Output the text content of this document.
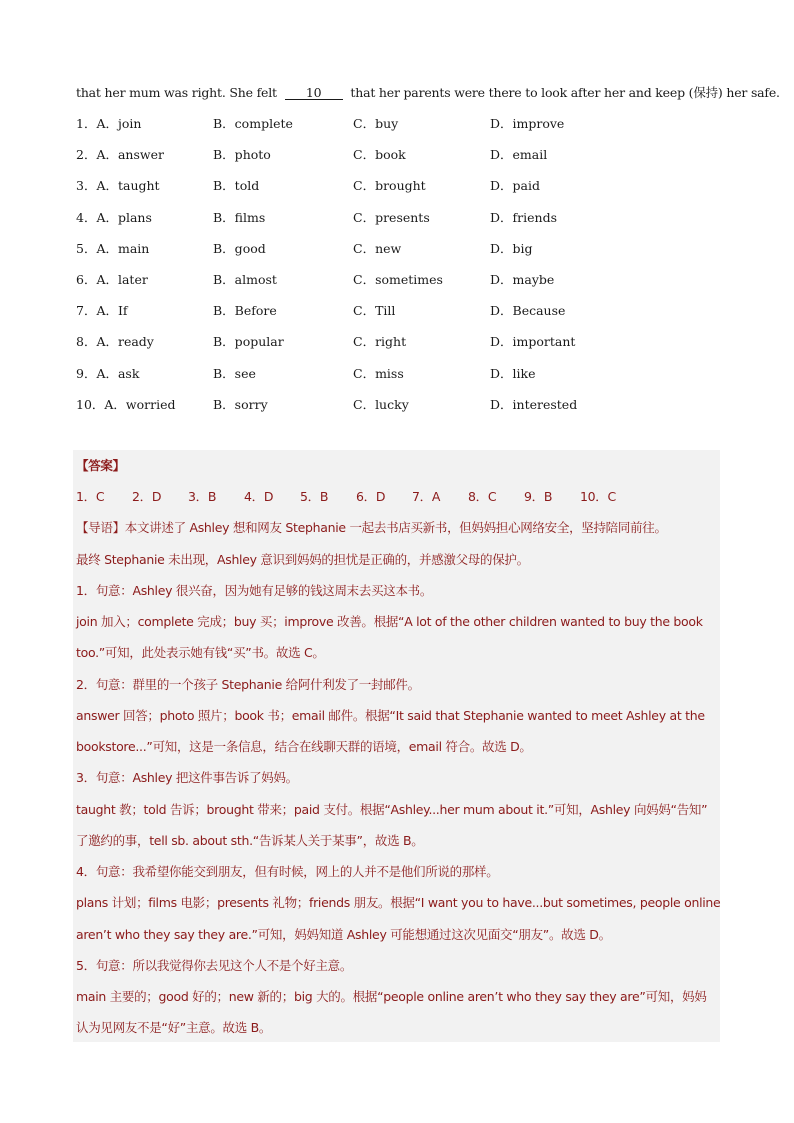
that her mum was right. She felt 10 that her parents were there to look after her and keep (保持) her safe.
1．A．join	B．complete	C．buy	D．improve
2．A．answer	B．photo	C．book	D．email
3．A．taught	B．told	C．brought	D．paid
4．A．plans	B．films	C．presents	D．friends
5．A．main	B．good	C．new	D．big
6．A．later	B．almost	C．sometimes	D．maybe
7．A．If	B．Before	C．Till	D．Because
8．A．ready	B．popular	C．right	D．important
9．A．ask	B．see	C．miss	D．like
10．A．worried	B．sorry	C．lucky	D．interested
【答案】
1．C 2．D 3．B 4．D 5．B 6．D 7．A 8．C 9．B 10．C
【导语】本文讲述了 Ashley 想和网友 Stephanie 一起去书店买新书，但妈妈担心网络安全，坚持陪同前往。
最终 Stephanie 未出现，Ashley 意识到妈妈的担忧是正确的，并感激父母的保护。
1．句意：Ashley 很兴奋，因为她有足够的钱这周末去买这本书。
join 加入；complete 完成；buy 买；improve 改善。根据“A lot of the other children wanted to buy the book
too.”可知，此处表示她有钱“买”书。故选 C。
2．句意：群里的一个孩子 Stephanie 给阿什利发了一封邮件。
answer 回答；photo 照片；book 书；email 邮件。根据“It said that Stephanie wanted to meet Ashley at the
bookstore...”可知，这是一条信息，结合在线聊天群的语境，email 符合。故选 D。
3．句意：Ashley 把这件事告诉了妈妈。
taught 教；told 告诉；brought 带来；paid 支付。根据“Ashley...her mum about it.”可知，Ashley 向妈妈“告知”
了邀约的事，tell sb. about sth.“告诉某人关于某事”，故选 B。
4．句意：我希望你能交到朋友，但有时候，网上的人并不是他们所说的那样。
plans 计划；films 电影；presents 礼物；friends 朋友。根据“I want you to have...but sometimes, people online
aren’t who they say they are.”可知，妈妈知道 Ashley 可能想通过这次见面交“朋友”。故选 D。
5．句意：所以我觉得你去见这个人不是个好主意。
main 主要的；good 好的；new 新的；big 大的。根据“people online aren’t who they say they are”可知，妈妈
认为见网友不是“好”主意。故选 B。
